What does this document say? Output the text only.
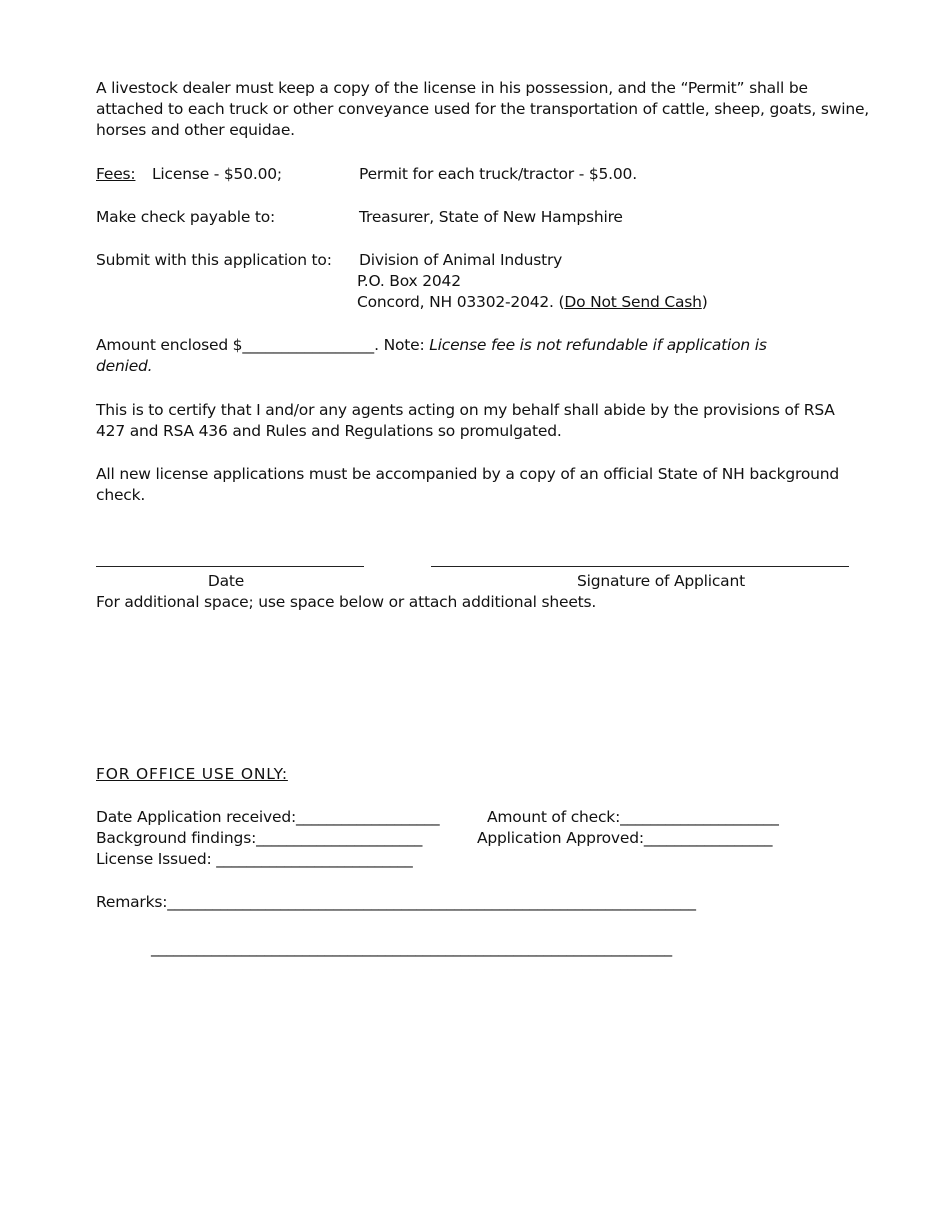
A livestock dealer must keep a copy of the license in his possession, and the “Permit” shall be
attached to each truck or other conveyance used for the transportation of cattle, sheep, goats, swine,
horses and other equidae.
Fees: License - $50.00;	Permit for each truck/tractor - $5.00.
Make check payable to:	Treasurer, State of New Hampshire
Submit with this application to: Division of Animal Industry
P.O. Box 2042
Concord, NH 03302-2042. (Do Not Send Cash)
Amount enclosed $_________________. Note: License fee is not refundable if application is
denied.
This is to certify that I and/or any agents acting on my behalf shall abide by the provisions of RSA
427 and RSA 436 and Rules and Regulations so promulgated.
All new license applications must be accompanied by a copy of an official State of NH background
check.
Date	Signature of Applicant
For additional space; use space below or attach additional sheets.
FOR OFFICE USE ONLY:
Date Application received:___________________	Amount of check:_____________________
Background findings:______________________	Application Approved:_________________
License Issued: __________________________
Remarks:______________________________________________________________________
_____________________________________________________________________
